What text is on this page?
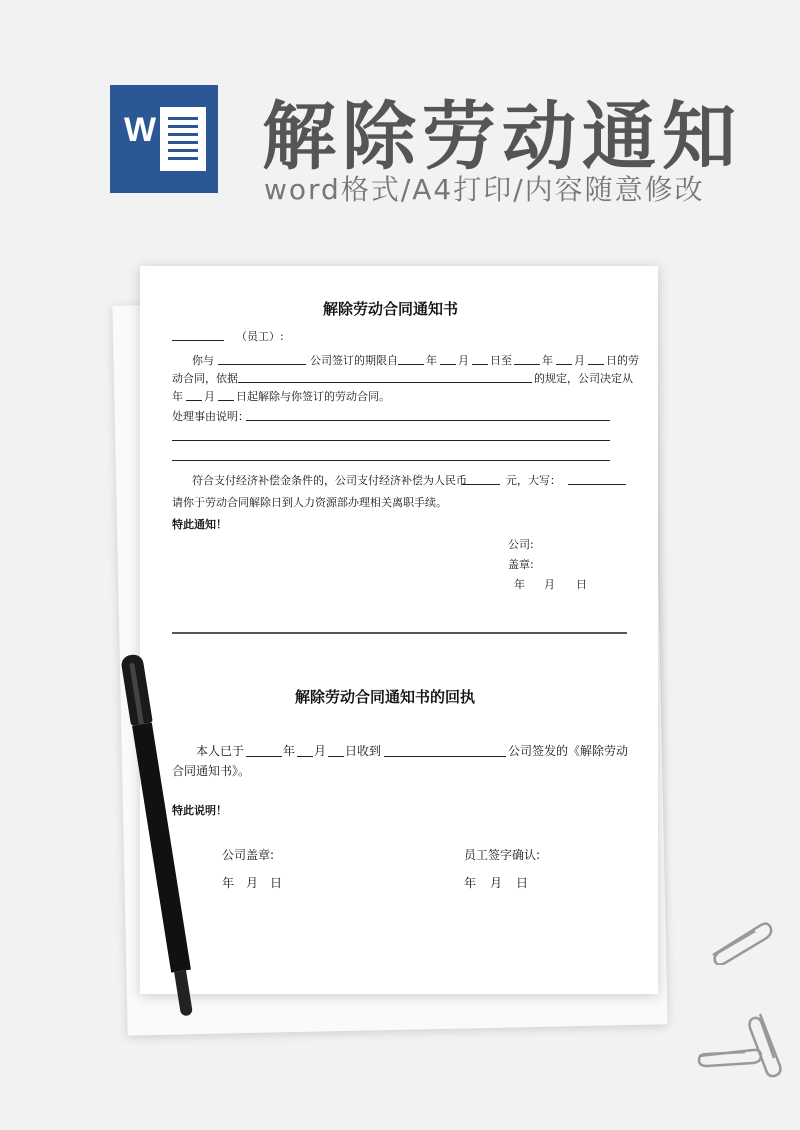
W 解除劳动通知
word格式/A4打印/内容随意修改
解除劳动合同通知书
（员工）:
你与	公司签订的期限自	年 月 日至	年 月 日的劳
动合同，依据	的规定，公司决定从
年 月 日起解除与你签订的劳动合同。
处理事由说明：
符合支付经济补偿金条件的，公司支付经济补偿为人民币	元，大写：
请你于劳动合同解除日到人力资源部办理相关离职手续。
特此通知！
公司:
盖章:
年 月 日
解除劳动合同通知书的回执
本人已于	年 月 日收到	公司签发的《解除劳动
合同通知书》。
特此说明！
公司盖章:	员工签字确认:
年 月 日	年 月 日
